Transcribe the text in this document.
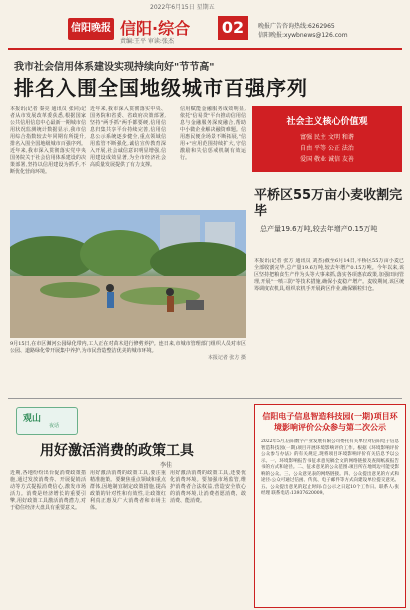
2022年6月15日 星期五
信阳晚报 信阳·综合
责编:王平 审读:张杰
02	晚报广告咨询热线:6262965
信阳晚报:xywbnews@126.com
我市社会信用体系建设实现持续向好"节节高"
排名入围全国地级城市百强序列
本报讯(记者 秦亮 通讯员 张同)记者从市发展改革委获悉,根据国家公共信用信息中心最新一期城市信用状况监测统计数据显示,我市信用综合指数较去年同期有所提升,排名入围全国地级城市百强序列。近年来,我市深入贯彻落实党中央国务院关于社会信用体系建设的决策部署,坚持以信用建设为抓手,不断优化营商环境。
近年来,我市深入贯彻落实中央、国务院和省委、省政府决策部署,坚持"两手抓"两手都要硬,信用信息归集共享平台持续完善,信用信息公示系统逐步健全,重点领域信用监管不断强化,诚信宣传教育深入开展,社会诚信意识明显增强,信用建设成效显著,为全市经济社会高质量发展提供了有力支撑。
信用赋能金融服务成效明显,依托"信易贷"平台推动信用信息与金融服务深度融合,帮助中小微企业解决融资难题。信用惠民便企场景不断拓展,"信用+"应用范围持续扩大,守信激励和失信惩戒机制有效运行。
9月15日,在市区浉河公园绿化带内,工人正在对苗木进行修剪养护。连日来,市城市管理部门组织人员对市区公园、道路绿化带开展集中养护,为市民营造整洁优美的城市环境。
本报记者 张方 摄
社会主义核心价值观
富强 民主 文明 和谐
自由 平等 公正 法治
爱国 敬业 诚信 友善
平桥区55万亩小麦收割完毕
总产量19.6万吨,较去年增产0.15万吨
本报讯(记者 张方 通讯员 刘杰)截至6月14日,平桥区55万亩小麦已全部收割完毕,总产量19.6万吨,较去年增产0.15万吨。今年以来,该区坚持把粮食生产作为头等大事来抓,落实各项惠农政策,加强田间管理,开展"一喷三防"等技术措施,确保小麦稳产增产。麦收期间,该区统筹调度农机具,组织农机手开展跨区作业,确保颗粒归仓。
观山
夜话
用好激活消费的政策工具
李佳
近期,各地纷纷出台促消费政策措施,通过发放消费券、开展促销活动等方式提振消费信心,激发市场活力。消费是经济增长的重要引擎,用好政策工具激活消费潜力,对于稳住经济大盘具有重要意义。
用好激活消费的政策工具,要注重精准施策。要聚焦重点领域和重点群体,因地制宜制定政策措施,提高政策的针对性和有效性,让政策红利真正惠及广大消费者和市场主体。
用好激活消费的政策工具,还要优化消费环境。要加强市场监管,维护消费者合法权益,营造安全放心的消费环境,让消费者愿消费、敢消费、能消费。
信阳电子信息智造科技园(一期)项目环境影响评价公众参与第二次公示
2022年5月,信阳数字产业发展有限公司委托有关单位对信阳电子信息智造科技园(一期)项目开展环境影响评价工作。根据《环境影响评价公众参与办法》的有关规定,现将项目环境影响评价有关信息予以公示。一、环境影响报告书征求意见稿全文的网络链接及查阅纸质报告书的方式和途径。二、征求意见的公众范围:项目所在地周边可能受影响的公众。三、公众意见表的网络链接。四、公众提出意见的方式和途径:公众可通过信函、传真、电子邮件等方式向建设单位提交意见。五、公众提出意见的起止时间:自公示之日起10个工作日。联系人:张经理 联系电话:13937620009。
